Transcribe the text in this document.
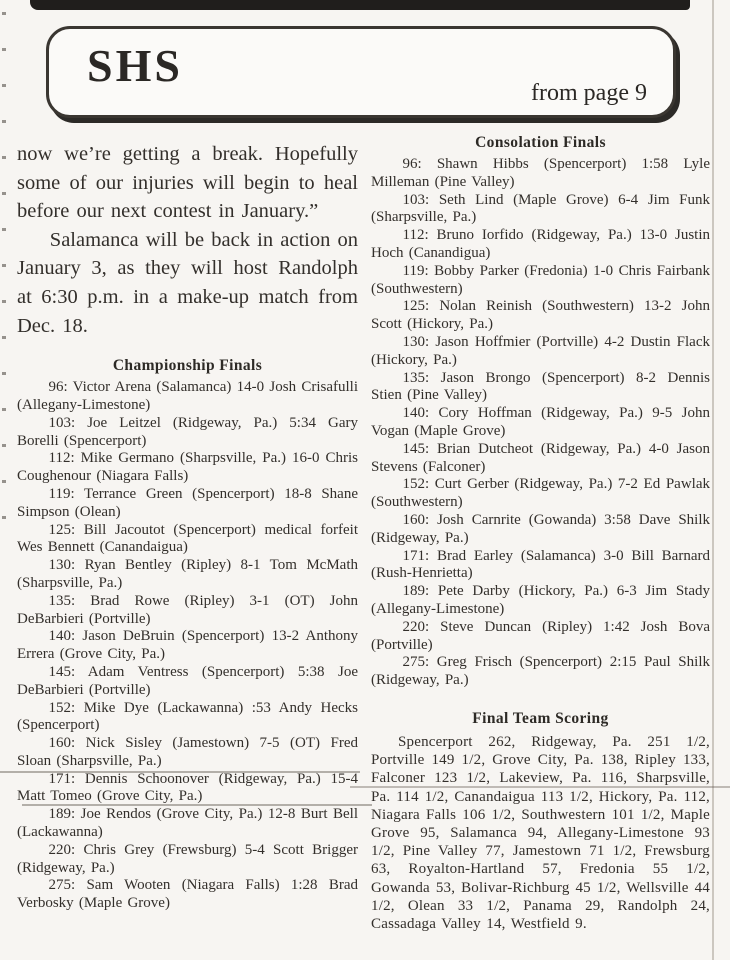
SHS
from page 9

now we’re getting a break. Hopefully some of our injuries will begin to heal before our next contest in January.”

Salamanca will be back in action on January 3, as they will host Randolph at 6:30 p.m. in a make-up match from Dec. 18.

Championship Finals

96: Victor Arena (Salamanca) 14-0 Josh Crisafulli (Allegany-Limestone)

103: Joe Leitzel (Ridgeway, Pa.) 5:34 Gary Borelli (Spencerport)

112: Mike Germano (Sharpsville, Pa.) 16-0 Chris Coughenour (Niagara Falls)

119: Terrance Green (Spencerport) 18-8 Shane Simpson (Olean)

125: Bill Jacoutot (Spencerport) medical forfeit Wes Bennett (Canandaigua)

130: Ryan Bentley (Ripley) 8-1 Tom McMath (Sharpsville, Pa.)

135: Brad Rowe (Ripley) 3-1 (OT) John DeBarbieri (Portville)

140: Jason DeBruin (Spencerport) 13-2 Anthony Errera (Grove City, Pa.)

145: Adam Ventress (Spencerport) 5:38 Joe DeBarbieri (Portville)

152: Mike Dye (Lackawanna) :53 Andy Hecks (Spencerport)

160: Nick Sisley (Jamestown) 7-5 (OT) Fred Sloan (Sharpsville, Pa.)

171: Dennis Schoonover (Ridgeway, Pa.) 15-4 Matt Tomeo (Grove City, Pa.)

189: Joe Rendos (Grove City, Pa.) 12-8 Burt Bell (Lackawanna)

220: Chris Grey (Frewsburg) 5-4 Scott Brigger (Ridgeway, Pa.)

275: Sam Wooten (Niagara Falls) 1:28 Brad Verbosky (Maple Grove)

Consolation Finals

96: Shawn Hibbs (Spencerport) 1:58 Lyle Milleman (Pine Valley)

103: Seth Lind (Maple Grove) 6-4 Jim Funk (Sharpsville, Pa.)

112: Bruno Iorfido (Ridgeway, Pa.) 13-0 Justin Hoch (Canandigua)

119: Bobby Parker (Fredonia) 1-0 Chris Fairbank (Southwestern)

125: Nolan Reinish (Southwestern) 13-2 John Scott (Hickory, Pa.)

130: Jason Hoffmier (Portville) 4-2 Dustin Flack (Hickory, Pa.)

135: Jason Brongo (Spencerport) 8-2 Dennis Stien (Pine Valley)

140: Cory Hoffman (Ridgeway, Pa.) 9-5 John Vogan (Maple Grove)

145: Brian Dutcheot (Ridgeway, Pa.) 4-0 Jason Stevens (Falconer)

152: Curt Gerber (Ridgeway, Pa.) 7-2 Ed Pawlak (Southwestern)

160: Josh Carnrite (Gowanda) 3:58 Dave Shilk (Ridgeway, Pa.)

171: Brad Earley (Salamanca) 3-0 Bill Barnard (Rush-Henrietta)

189: Pete Darby (Hickory, Pa.) 6-3 Jim Stady (Allegany-Limestone)

220: Steve Duncan (Ripley) 1:42 Josh Bova (Portville)

275: Greg Frisch (Spencerport) 2:15 Paul Shilk (Ridgeway, Pa.)

Final Team Scoring

Spencerport 262, Ridgeway, Pa. 251 1/2, Portville 149 1/2, Grove City, Pa. 138, Ripley 133, Falconer 123 1/2, Lakeview, Pa. 116, Sharpsville, Pa. 114 1/2, Canandaigua 113 1/2, Hickory, Pa. 112, Niagara Falls 106 1/2, Southwestern 101 1/2, Maple Grove 95, Salamanca 94, Allegany-Limestone 93 1/2, Pine Valley 77, Jamestown 71 1/2, Frewsburg 63, Royalton-Hartland 57, Fredonia 55 1/2, Gowanda 53, Bolivar-Richburg 45 1/2, Wellsville 44 1/2, Olean 33 1/2, Panama 29, Randolph 24, Cassadaga Valley 14, Westfield 9.
